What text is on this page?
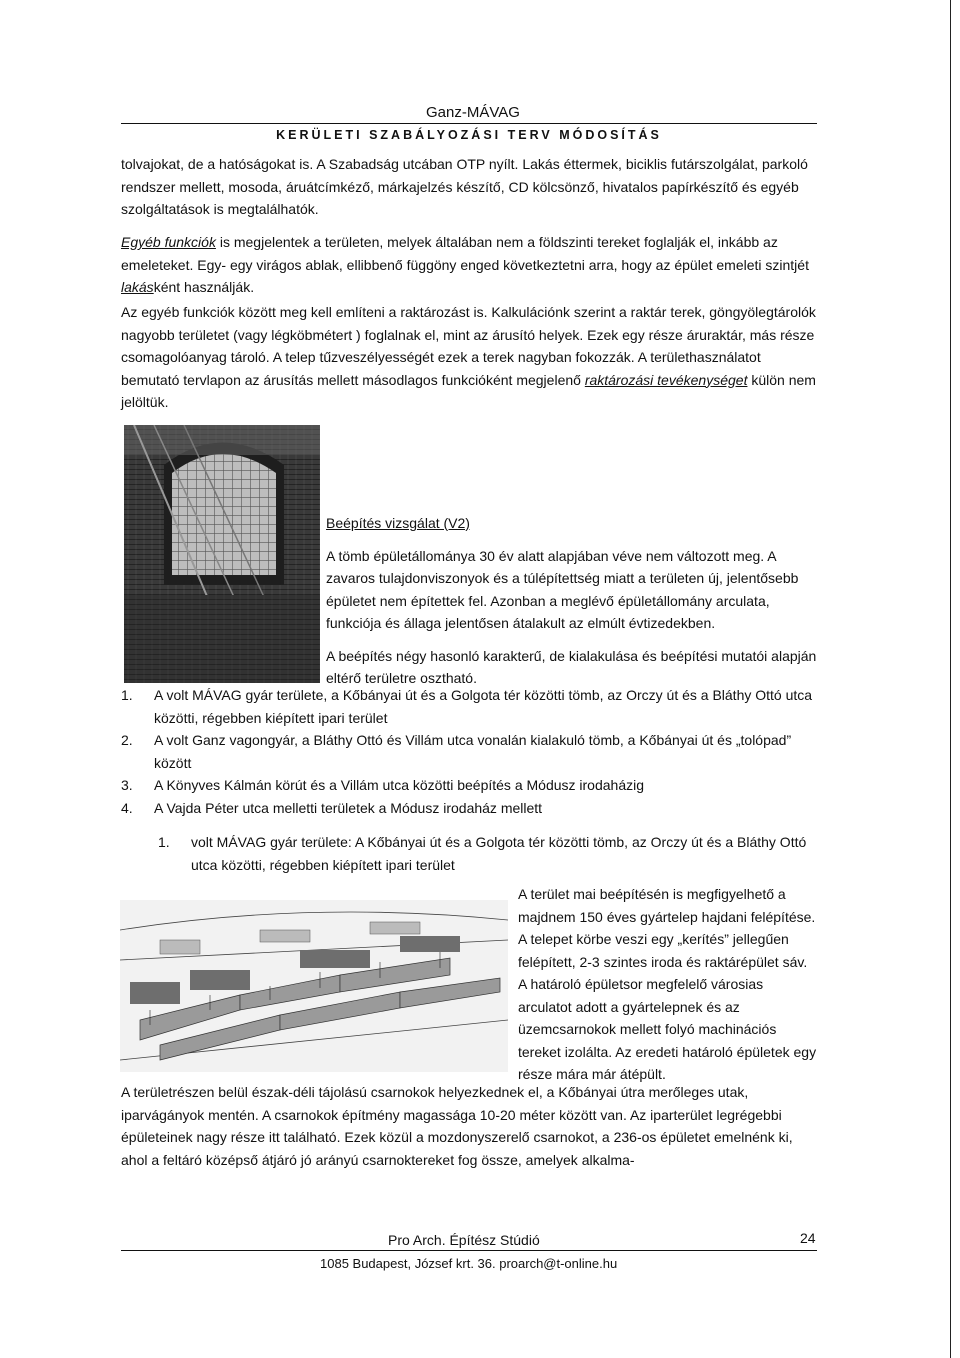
Ganz-MÁVAG
KERÜLETI SZABÁLYOZÁSI TERV MÓDOSÍTÁS

tolvajokat, de a hatóságokat is. A Szabadság utcában OTP nyílt. Lakás éttermek, biciklis futárszolgálat, parkoló rendszer mellett, mosoda, áruátcímkéző, márkajelzés készítő, CD kölcsönző, hivatalos papírkészítő és egyéb szolgáltatások is megtalálhatók.

Egyéb funkciók is megjelentek a területen, melyek általában nem a földszinti tereket foglalják el, inkább az emeleteket. Egy- egy virágos ablak, ellibbenő függöny enged következtetni arra, hogy az épület emeleti szintjét lakásként használják.

Az egyéb funkciók között meg kell említeni a raktározást is. Kalkulációnk szerint a raktár terek, göngyölegtárolók nagyobb területet (vagy légköbmétert ) foglalnak el, mint az árusító helyek. Ezek egy része áruraktár, más része csomagolóanyag tároló. A telep tűzveszélyességét ezek a terek nagyban fokozzák. A területhasználatot bemutató tervlapon az árusítás mellett másodlagos funkcióként megjelenő raktározási tevékenységet külön nem jelöltük.

Beépítés vizsgálat (V2)

A tömb épületállománya 30 év alatt alapjában véve nem változott meg. A zavaros tulajdonviszonyok és a túlépítettség miatt a területen új, jelentősebb épületet nem építettek fel. Azonban a meglévő épületállomány arculata, funkciója és állaga jelentősen átalakult az elmúlt évtizedekben.

A beépítés négy hasonló karakterű, de kialakulása és beépítési mutatói alapján eltérő területre osztható.

1.	A volt MÁVAG gyár területe, a Kőbányai út és a Golgota tér közötti tömb, az Orczy út és a Bláthy Ottó utca közötti, régebben kiépített ipari terület
2.	A volt Ganz vagongyár, a Bláthy Ottó és Villám utca vonalán kialakuló tömb, a Kőbányai út és „tolópad” között
3.	A Könyves Kálmán körút és a Villám utca közötti beépítés a Módusz irodaházig
4.	A Vajda Péter utca melletti területek a Módusz irodaház mellett
1.	volt MÁVAG gyár területe: A Kőbányai út és a Golgota tér közötti tömb, az Orczy út és a Bláthy Ottó utca közötti, régebben kiépített ipari terület

A terület mai beépítésén is megfigyelhető a majdnem 150 éves gyártelep hajdani felépítése. A telepet körbe veszi egy „kerítés” jellegűen felépített, 2-3 szintes iroda és raktárépület sáv. A határoló épületsor megfelelő városias arculatot adott a gyártelepnek és az üzemcsarnokok mellett folyó machinációs tereket izolálta. Az eredeti határoló épületek egy része mára már átépült.

A területrészen belül észak-déli tájolású csarnokok helyezkednek el, a Kőbányai útra merőleges utak, iparvágányok mentén. A csarnokok építmény magassága 10-20 méter között van. Az iparterület legrégebbi épületeinek nagy része itt található. Ezek közül a mozdonyszerelő csarnokot, a 236-os épületet emelnénk ki, ahol a feltáró középső átjáró jó arányú csarnoktereket fog össze, amelyek alkalma-

Pro Arch. Építész Stúdió	24
1085 Budapest, József krt. 36. proarch@t-online.hu
